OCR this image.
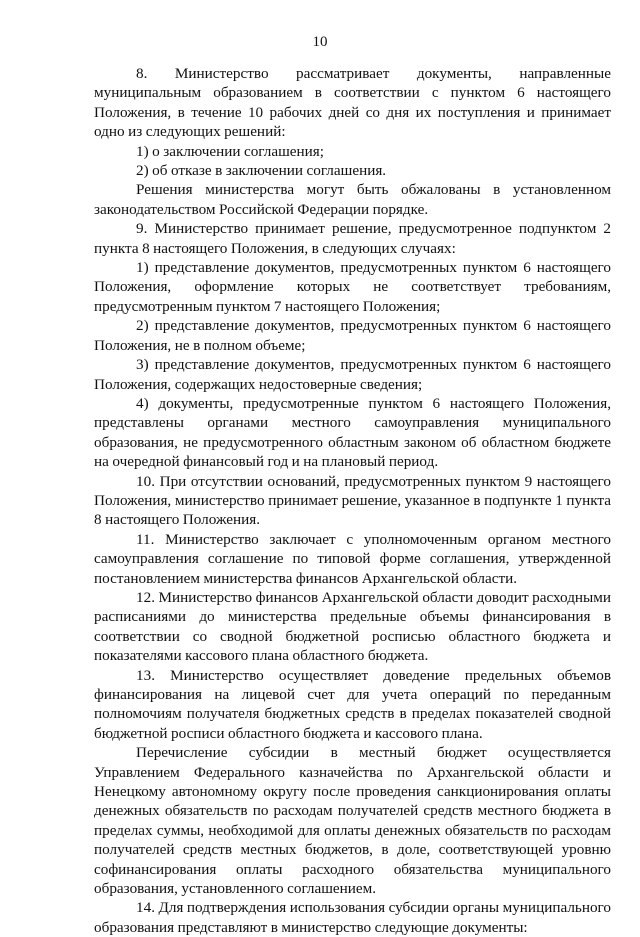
10

8. Министерство рассматривает документы, направленные муниципальным образованием в соответствии с пунктом 6 настоящего Положения, в течение 10 рабочих дней со дня их поступления и принимает одно из следующих решений:

1) о заключении соглашения;

2) об отказе в заключении соглашения.

Решения министерства могут быть обжалованы в установленном законодательством Российской Федерации порядке.

9. Министерство принимает решение, предусмотренное подпунктом 2 пункта 8 настоящего Положения, в следующих случаях:

1) представление документов, предусмотренных пунктом 6 настоящего Положения, оформление которых не соответствует требованиям, предусмотренным пунктом 7 настоящего Положения;

2) представление документов, предусмотренных пунктом 6 настоящего Положения, не в полном объеме;

3) представление документов, предусмотренных пунктом 6 настоящего Положения, содержащих недостоверные сведения;

4) документы, предусмотренные пунктом 6 настоящего Положения, представлены органами местного самоуправления муниципального образования, не предусмотренного областным законом об областном бюджете на очередной финансовый год и на плановый период.

10. При отсутствии оснований, предусмотренных пунктом 9 настоящего Положения, министерство принимает решение, указанное в подпункте 1 пункта 8 настоящего Положения.

11. Министерство заключает с уполномоченным органом местного самоуправления соглашение по типовой форме соглашения, утвержденной постановлением министерства финансов Архангельской области.

12. Министерство финансов Архангельской области доводит расходными расписаниями до министерства предельные объемы финансирования в соответствии со сводной бюджетной росписью областного бюджета и показателями кассового плана областного бюджета.

13. Министерство осуществляет доведение предельных объемов финансирования на лицевой счет для учета операций по переданным полномочиям получателя бюджетных средств в пределах показателей сводной бюджетной росписи областного бюджета и кассового плана.

Перечисление субсидии в местный бюджет осуществляется Управлением Федерального казначейства по Архангельской области и Ненецкому автономному округу после проведения санкционирования оплаты денежных обязательств по расходам получателей средств местного бюджета в пределах суммы, необходимой для оплаты денежных обязательств по расходам получателей средств местных бюджетов, в доле, соответствующей уровню софинансирования оплаты расходного обязательства муниципального образования, установленного соглашением.

14. Для подтверждения использования субсидии органы муниципального образования представляют в министерство следующие документы:
